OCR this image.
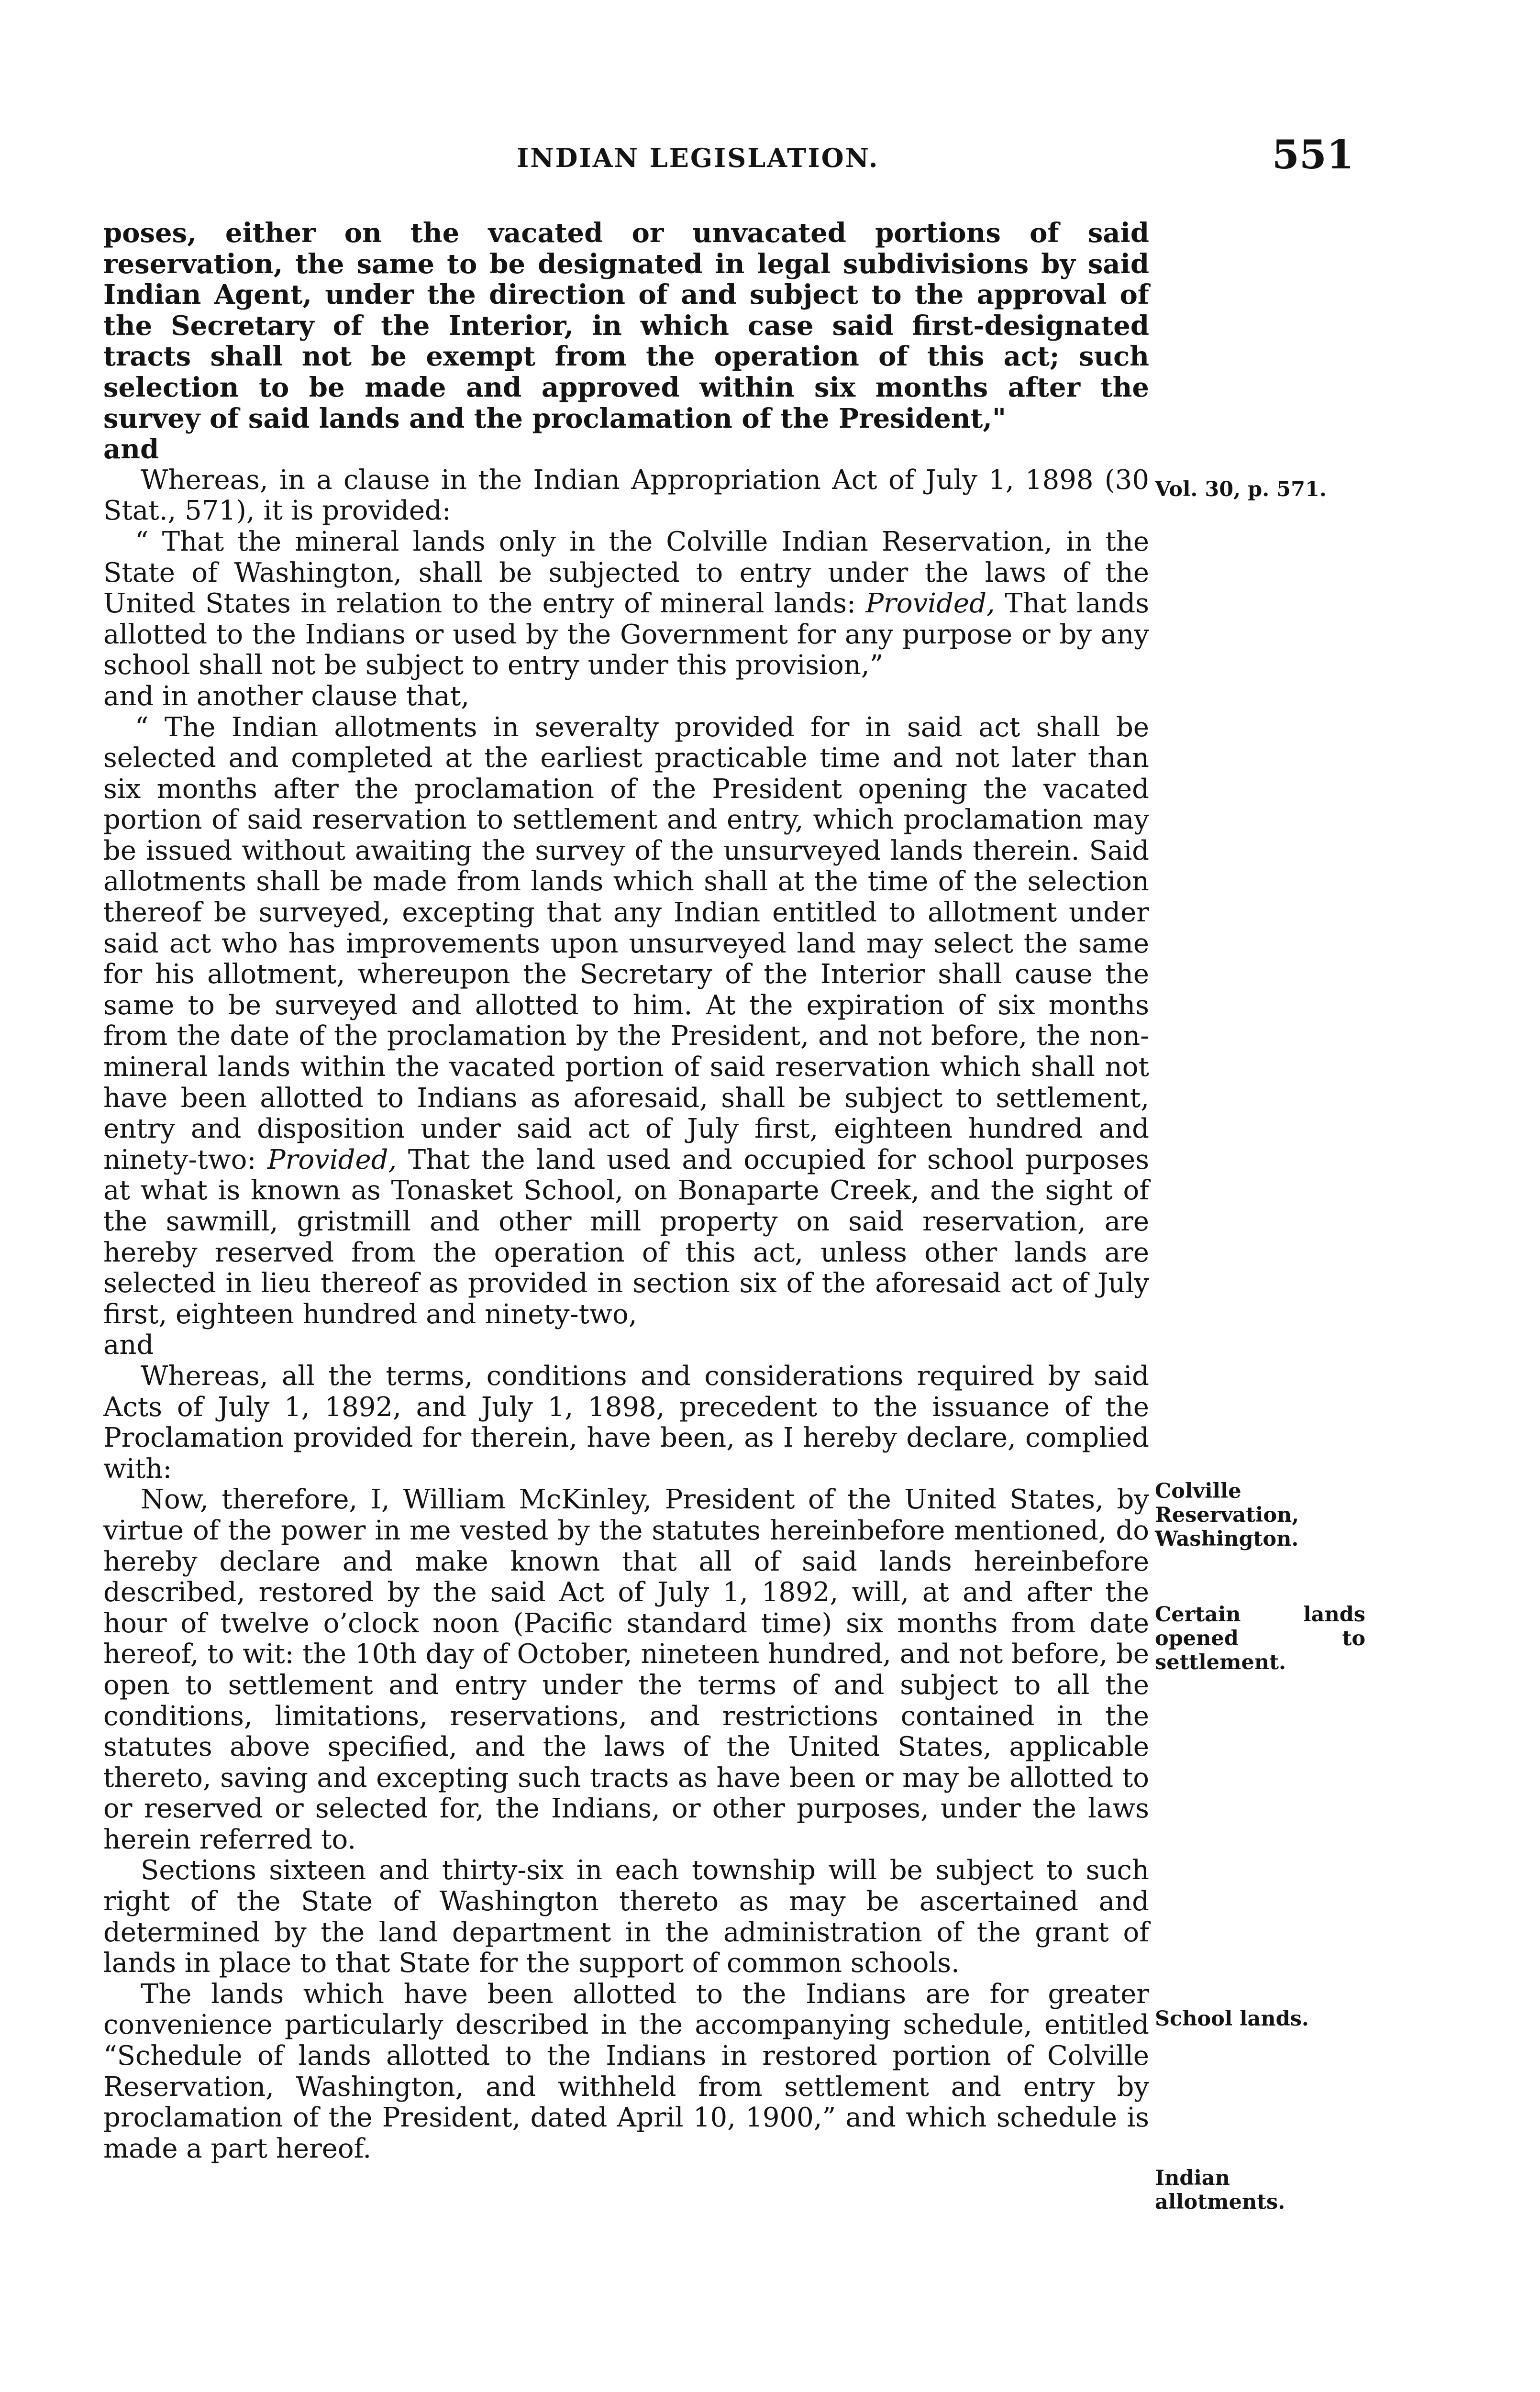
INDIAN LEGISLATION.	551

poses, either on the vacated or unvacated portions of said reservation, the same to be designated in legal subdivisions by said Indian Agent, under the direction of and subject to the approval of the Secretary of the Interior, in which case said first-designated tracts shall not be exempt from the operation of this act; such selection to be made and approved within six months after the survey of said lands and the proclamation of the President,"

and

Whereas, in a clause in the Indian Appropriation Act of July 1, 1898 (30 Stat., 571), it is provided:

“ That the mineral lands only in the Colville Indian Reservation, in the State of Washington, shall be subjected to entry under the laws of the United States in relation to the entry of mineral lands: Provided, That lands allotted to the Indians or used by the Government for any purpose or by any school shall not be subject to entry under this provision,”

and in another clause that,

“ The Indian allotments in severalty provided for in said act shall be selected and completed at the earliest practicable time and not later than six months after the proclamation of the President opening the vacated portion of said reservation to settlement and entry, which proclamation may be issued without awaiting the survey of the unsurveyed lands therein. Said allotments shall be made from lands which shall at the time of the selection thereof be surveyed, excepting that any Indian entitled to allotment under said act who has improvements upon unsurveyed land may select the same for his allotment, whereupon the Secretary of the Interior shall cause the same to be surveyed and allotted to him. At the expiration of six months from the date of the proclamation by the President, and not before, the non-mineral lands within the vacated portion of said reservation which shall not have been allotted to Indians as aforesaid, shall be subject to settlement, entry and disposition under said act of July first, eighteen hundred and ninety-two: Provided, That the land used and occupied for school purposes at what is known as Tonasket School, on Bonaparte Creek, and the sight of the sawmill, gristmill and other mill property on said reservation, are hereby reserved from the operation of this act, unless other lands are selected in lieu thereof as provided in section six of the aforesaid act of July first, eighteen hundred and ninety-two,

and

Whereas, all the terms, conditions and considerations required by said Acts of July 1, 1892, and July 1, 1898, precedent to the issuance of the Proclamation provided for therein, have been, as I hereby declare, complied with:

Now, therefore, I, William McKinley, President of the United States, by virtue of the power in me vested by the statutes hereinbefore mentioned, do hereby declare and make known that all of said lands hereinbefore described, restored by the said Act of July 1, 1892, will, at and after the hour of twelve o’clock noon (Pacific standard time) six months from date hereof, to wit: the 10th day of October, nineteen hundred, and not before, be open to settlement and entry under the terms of and subject to all the conditions, limitations, reservations, and restrictions contained in the statutes above specified, and the laws of the United States, applicable thereto, saving and excepting such tracts as have been or may be allotted to or reserved or selected for, the Indians, or other purposes, under the laws herein referred to.

Sections sixteen and thirty-six in each township will be subject to such right of the State of Washington thereto as may be ascertained and determined by the land department in the administration of the grant of lands in place to that State for the support of common schools.

The lands which have been allotted to the Indians are for greater convenience particularly described in the accompanying schedule, entitled “Schedule of lands allotted to the Indians in restored portion of Colville Reservation, Washington, and withheld from settlement and entry by proclamation of the President, dated April 10, 1900,” and which schedule is made a part hereof.

Vol. 30, p. 571.
Colville Reservation, Washington.
Certain lands opened to settlement.
School lands.
Indian allotments.
